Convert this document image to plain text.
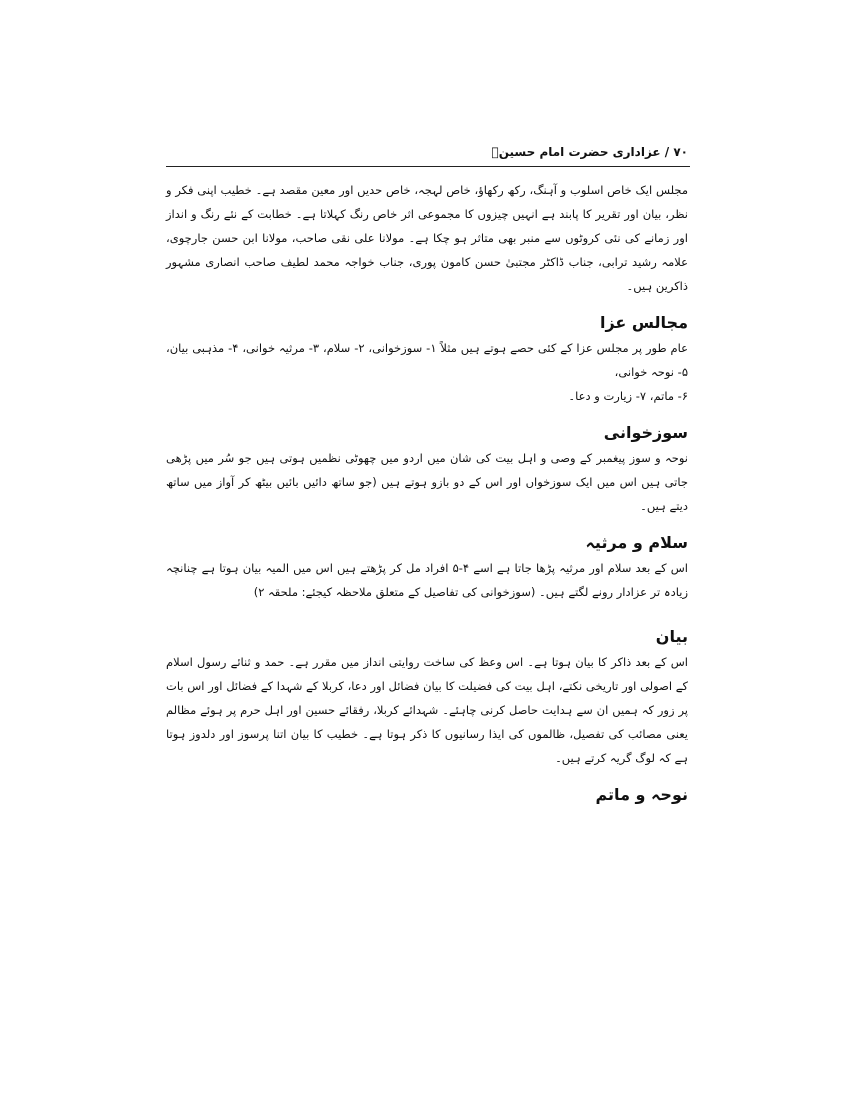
۷۰ / عزاداری حضرت امام حسینؑ

مجلس ایک خاص اسلوب و آہنگ، رکھ رکھاؤ، خاص لہجہ، خاص حدیں اور معین مقصد ہے۔ خطیب اپنی فکر و نظر، بیان اور تقریر کا پابند ہے انہیں چیزوں کا مجموعی اثر خاص رنگ کہلاتا ہے۔ خطابت کے نئے رنگ و انداز اور زمانے کی نئی کروٹوں سے منبر بھی متاثر ہو چکا ہے۔ مولانا علی نقی صاحب، مولانا ابن حسن جارچوی، علامہ رشید ترابی، جناب ڈاکٹر مجتبیٰ حسن کامون پوری، جناب خواجہ محمد لطیف صاحب انصاری مشہور ذاکرین ہیں۔

مجالس عزا

عام طور پر مجلس عزا کے کئی حصے ہوتے ہیں مثلاً ۱- سوزخوانی، ۲- سلام، ۳- مرثیہ خوانی، ۴- مذہبی بیان، ۵- نوحہ خوانی،

۶- ماتم، ۷- زیارت و دعا۔

سوزخوانی

نوحہ و سوز پیغمبر کے وصی و اہل بیت کی شان میں اردو میں چھوٹی نظمیں ہوتی ہیں جو سُر میں پڑھی جاتی ہیں اس میں ایک سوزخواں اور اس کے دو بازو ہوتے ہیں (جو ساتھ دائیں بائیں بیٹھ کر آواز میں ساتھ دیتے ہیں۔

سلام و مرثیہ

اس کے بعد سلام اور مرثیہ پڑھا جاتا ہے اسے ۴-۵ افراد مل کر پڑھتے ہیں اس میں المیہ بیان ہوتا ہے چنانچہ زیادہ تر عزادار رونے لگتے ہیں۔ (سوزخوانی کی تفاصیل کے متعلق ملاحظہ کیجئے: ملحقہ ۲)

بیان

اس کے بعد ذاکر کا بیان ہوتا ہے۔ اس وعظ کی ساخت روایتی انداز میں مقرر ہے۔ حمد و ثنائے رسول اسلام کے اصولی اور تاریخی نکتے، اہل بیت کی فضیلت کا بیان فضائل اور دعا، کربلا کے شہدا کے فضائل اور اس بات پر زور کہ ہمیں ان سے ہدایت حاصل کرنی چاہئے۔ شہدائے کربلا، رفقائے حسین اور اہل حرم پر ہوئے مظالم یعنی مصائب کی تفصیل، ظالموں کی ایذا رسانیوں کا ذکر ہوتا ہے۔ خطیب کا بیان اتنا پرسوز اور دلدوز ہوتا ہے کہ لوگ گریہ کرتے ہیں۔

نوحہ و ماتم
